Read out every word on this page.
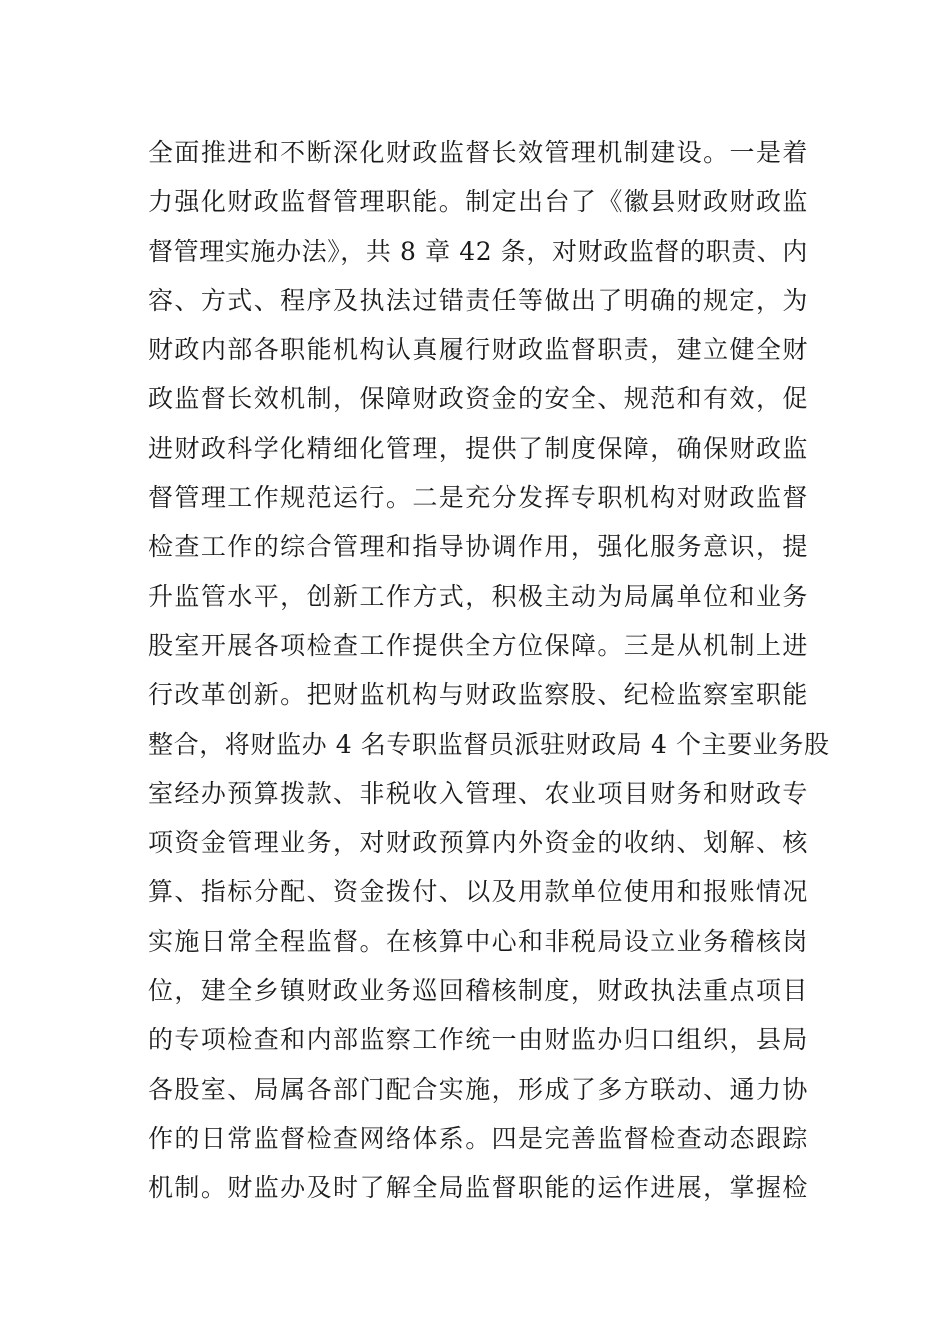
全面推进和不断深化财政监督长效管理机制建设。一是着
力强化财政监督管理职能。制定出台了《徽县财政财政监
督管理实施办法》，共 8 章 42 条，对财政监督的职责、内
容、方式、程序及执法过错责任等做出了明确的规定，为
财政内部各职能机构认真履行财政监督职责，建立健全财
政监督长效机制，保障财政资金的安全、规范和有效，促
进财政科学化精细化管理，提供了制度保障，确保财政监
督管理工作规范运行。二是充分发挥专职机构对财政监督
检查工作的综合管理和指导协调作用，强化服务意识，提
升监管水平，创新工作方式，积极主动为局属单位和业务
股室开展各项检查工作提供全方位保障。三是从机制上进
行改革创新。把财监机构与财政监察股、纪检监察室职能
整合，将财监办 4 名专职监督员派驻财政局 4 个主要业务股
室经办预算拨款、非税收入管理、农业项目财务和财政专
项资金管理业务，对财政预算内外资金的收纳、划解、核
算、指标分配、资金拨付、以及用款单位使用和报账情况
实施日常全程监督。在核算中心和非税局设立业务稽核岗
位，建全乡镇财政业务巡回稽核制度，财政执法重点项目
的专项检查和内部监察工作统一由财监办归口组织，县局
各股室、局属各部门配合实施，形成了多方联动、通力协
作的日常监督检查网络体系。四是完善监督检查动态跟踪
机制。财监办及时了解全局监督职能的运作进展，掌握检
